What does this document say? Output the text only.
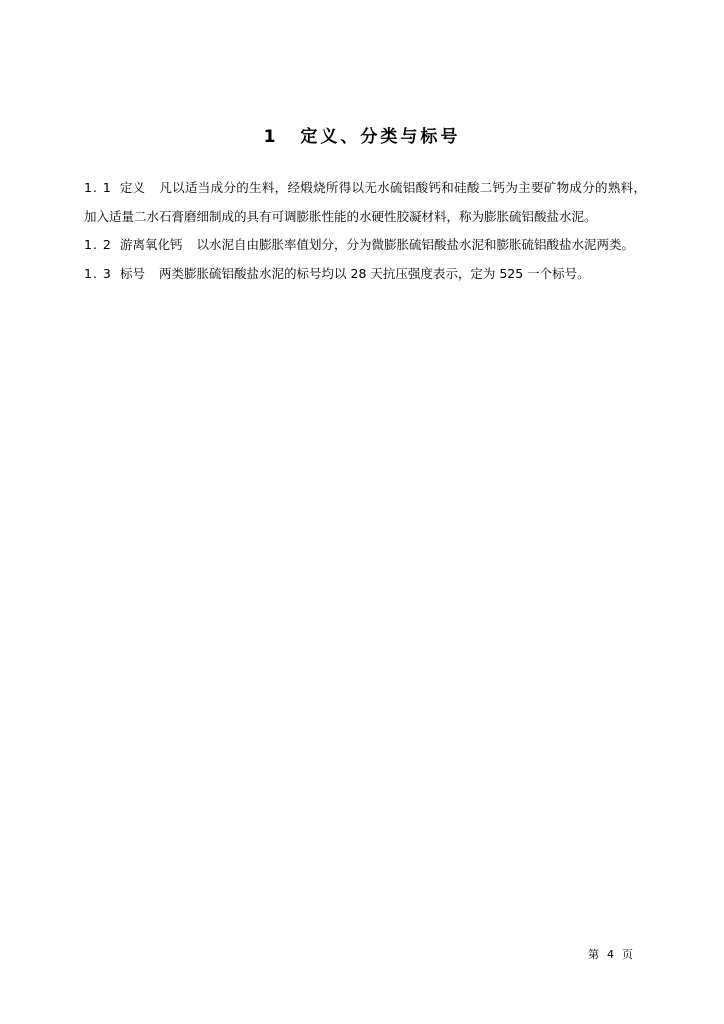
1 定义、分类与标号

1. 1 定义 凡以适当成分的生料，经煅烧所得以无水硫铝酸钙和硅酸二钙为主要矿物成分的熟料，加入适量二水石膏磨细制成的具有可调膨胀性能的水硬性胶凝材料，称为膨胀硫铝酸盐水泥。

1. 2 游离氧化钙 以水泥自由膨胀率值划分，分为微膨胀硫铝酸盐水泥和膨胀硫铝酸盐水泥两类。

1. 3 标号 两类膨胀硫铝酸盐水泥的标号均以 28 天抗压强度表示，定为 525 一个标号。

第 4 页
